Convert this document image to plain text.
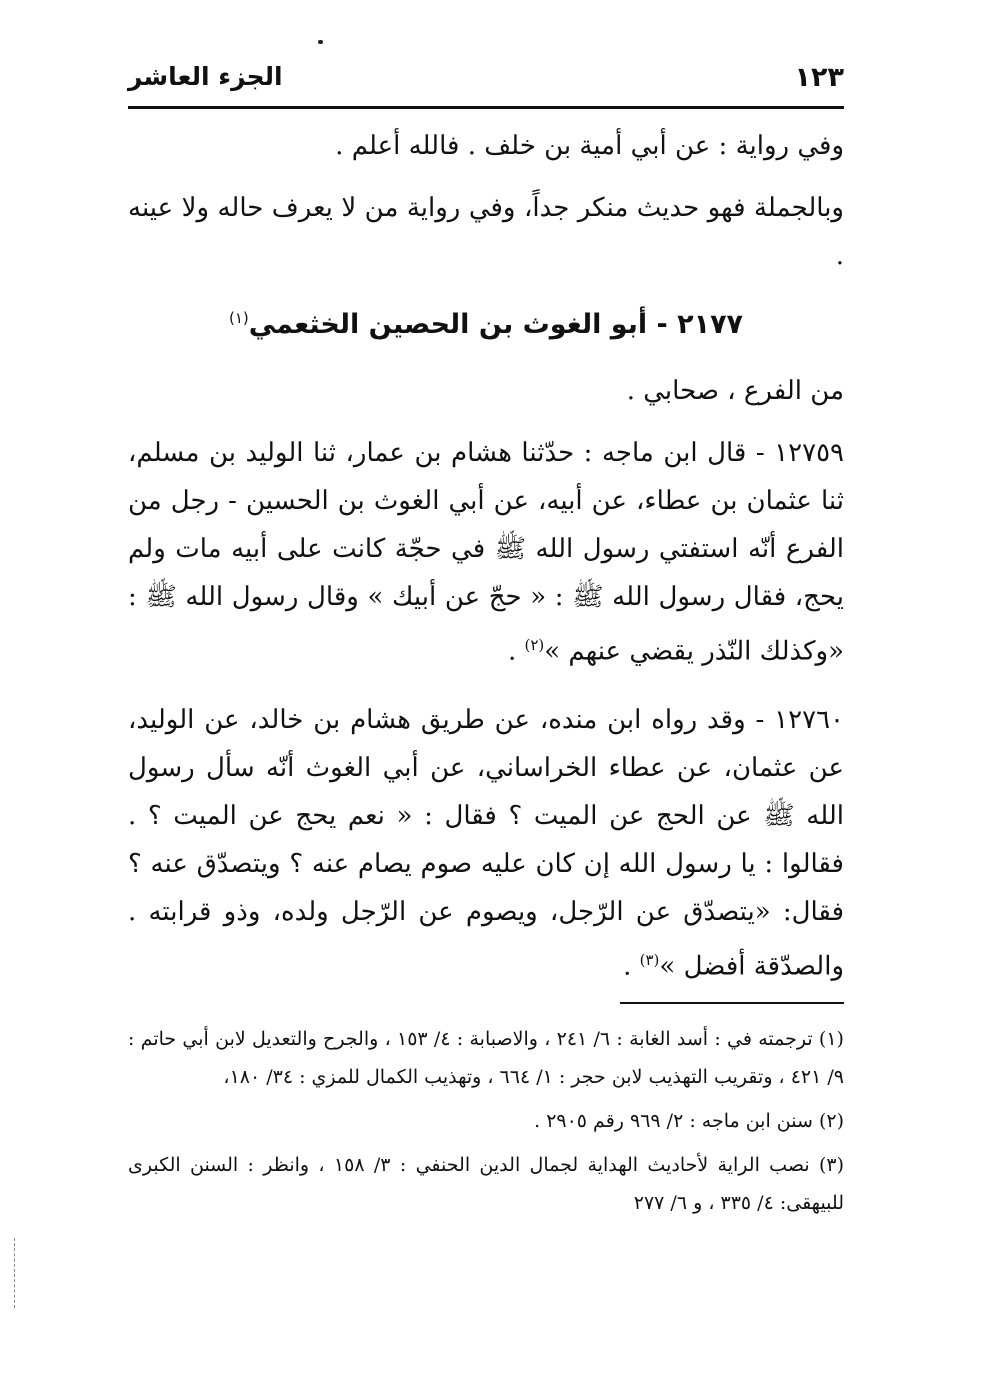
١٢٣
الجزء العاشر

وفي رواية : عن أبي أمية بن خلف . فالله أعلم .

وبالجملة فهو حديث منكر جداً، وفي رواية من لا يعرف حاله ولا عينه .

٢١٧٧ - أبو الغوث بن الحصين الخثعمي$^{(١)}$

من الفرع ، صحابي .

١٢٧٥٩ - قال ابن ماجه : حدّثنا هشام بن عمار، ثنا الوليد بن مسلم، ثنا عثمان بن عطاء، عن أبيه، عن أبي الغوث بن الحسين - رجل من الفرع أنّه استفتي رسول الله ﷺ في حجّة كانت على أبيه مات ولم يحج، فقال رسول الله ﷺ : « حجّ عن أبيك » وقال رسول الله ﷺ : «وكذلك النّذر يقضي عنهم »$^{(٢)}$ .

١٢٧٦٠ - وقد رواه ابن منده، عن طريق هشام بن خالد، عن الوليد، عن عثمان، عن عطاء الخراساني، عن أبي الغوث أنّه سأل رسول الله ﷺ عن الحج عن الميت ؟ فقال : « نعم يحج عن الميت ؟ . فقالوا : يا رسول الله إن كان عليه صوم يصام عنه ؟ ويتصدّق عنه ؟ فقال: «يتصدّق عن الرّجل، ويصوم عن الرّجل ولده، وذو قرابته . والصدّقة أفضل »$^{(٣)}$ .

(١) ترجمته في : أسد الغابة : ٦/ ٢٤١ ، والاصبابة : ٤/ ١٥٣ ، والجرح والتعديل لابن أبي حاتم : ٩/ ٤٢١ ، وتقريب التهذيب لابن حجر : ١/ ٦٦٤ ، وتهذيب الكمال للمزي : ٣٤/ ١٨٠،

(٢) سنن ابن ماجه : ٢/ ٩٦٩ رقم ٢٩٠٥ .

(٣) نصب الراية لأحاديث الهداية لجمال الدين الحنفي : ٣/ ١٥٨ ، وانظر : السنن الكبرى للبيهقى: ٤/ ٣٣٥ ، و ٦/ ٢٧٧
